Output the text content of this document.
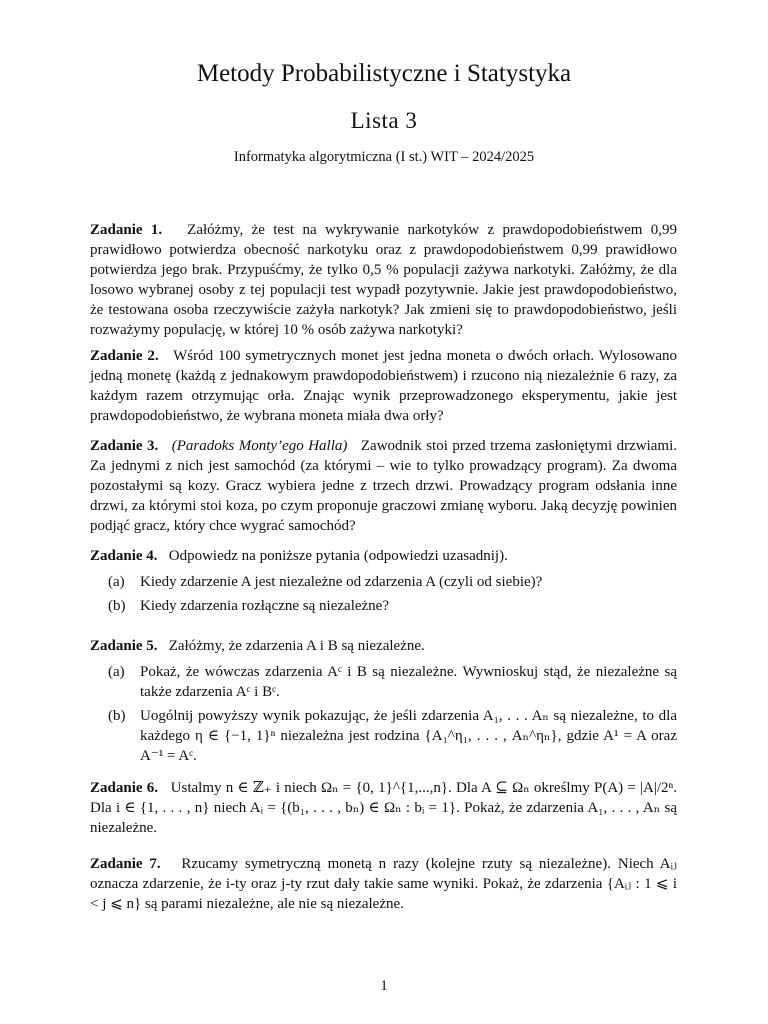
Metody Probabilistyczne i Statystyka
Lista 3
Informatyka algorytmiczna (I st.) WIT – 2024/2025
Zadanie 1. Załóżmy, że test na wykrywanie narkotyków z prawdopodobieństwem 0,99 prawidłowo potwierdza obecność narkotyku oraz z prawdopodobieństwem 0,99 prawidłowo potwierdza jego brak. Przypuśćmy, że tylko 0,5 % populacji zażywa narkotyki. Załóżmy, że dla losowo wybranej osoby z tej populacji test wypadł pozytywnie. Jakie jest prawdopodobieństwo, że testowana osoba rzeczywiście zażyła narkotyk? Jak zmieni się to prawdopodobieństwo, jeśli rozważymy populację, w której 10 % osób zażywa narkotyki?
Zadanie 2. Wśród 100 symetrycznych monet jest jedna moneta o dwóch orłach. Wylosowano jedną monetę (każdą z jednakowym prawdopodobieństwem) i rzucono nią niezależnie 6 razy, za każdym razem otrzymując orła. Znając wynik przeprowadzonego eksperymentu, jakie jest prawdopodobieństwo, że wybrana moneta miała dwa orły?
Zadanie 3. (Paradoks Monty’ego Halla) Zawodnik stoi przed trzema zasłoniętymi drzwiami. Za jednymi z nich jest samochód (za którymi – wie to tylko prowadzący program). Za dwoma pozostałymi są kozy. Gracz wybiera jedne z trzech drzwi. Prowadzący program odsłania inne drzwi, za którymi stoi koza, po czym proponuje graczowi zmianę wyboru. Jaką decyzję powinien podjąć gracz, który chce wygrać samochód?
Zadanie 4. Odpowiedz na poniższe pytania (odpowiedzi uzasadnij).
(a) Kiedy zdarzenie A jest niezależne od zdarzenia A (czyli od siebie)?
(b) Kiedy zdarzenia rozłączne są niezależne?
Zadanie 5. Załóżmy, że zdarzenia A i B są niezależne.
(a) Pokaż, że wówczas zdarzenia Aᶜ i B są niezależne. Wywnioskuj stąd, że niezależne są także zdarzenia Aᶜ i Bᶜ.
(b) Uogólnij powyższy wynik pokazując, że jeśli zdarzenia A₁, . . . Aₙ są niezależne, to dla każdego η ∈ {−1, 1}ⁿ niezależna jest rodzina {A₁^η₁, . . . , Aₙ^ηₙ}, gdzie A¹ = A oraz A⁻¹ = Aᶜ.
Zadanie 6. Ustalmy n ∈ ℤ₊ i niech Ωₙ = {0, 1}^{1,...,n}. Dla A ⊆ Ωₙ określmy P(A) = |A|/2ⁿ. Dla i ∈ {1, . . . , n} niech Aᵢ = {(b₁, . . . , bₙ) ∈ Ωₙ : bᵢ = 1}. Pokaż, że zdarzenia A₁, . . . , Aₙ są niezależne.
Zadanie 7. Rzucamy symetryczną monetą n razy (kolejne rzuty są niezależne). Niech Aᵢⱼ oznacza zdarzenie, że i-ty oraz j-ty rzut dały takie same wyniki. Pokaż, że zdarzenia {Aᵢⱼ : 1 ⩽ i < j ⩽ n} są parami niezależne, ale nie są niezależne.
1
